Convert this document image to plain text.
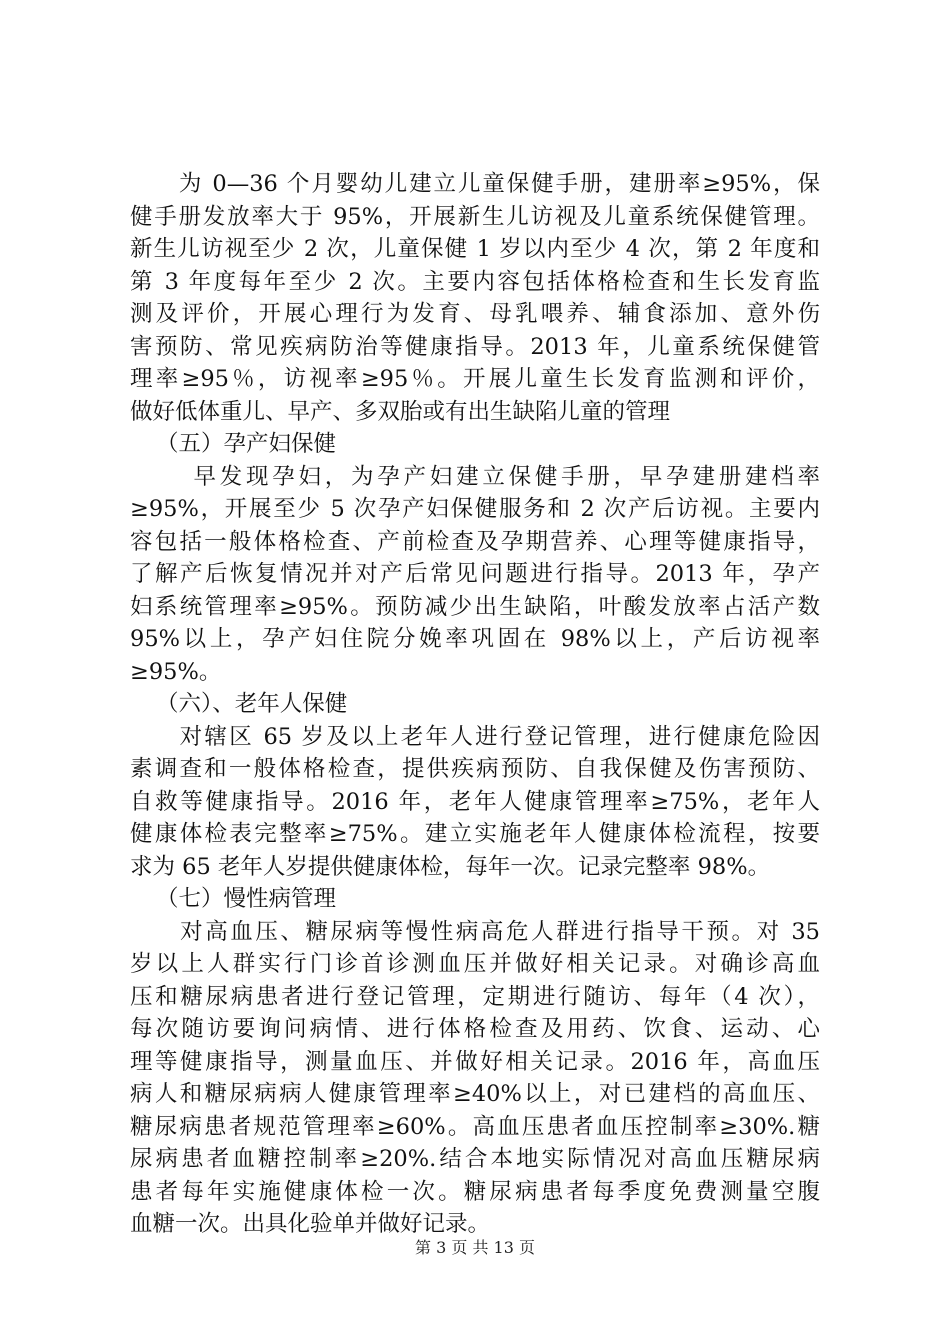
　　为 0—36 个月婴幼儿建立儿童保健手册，建册率≥95%，保
健手册发放率大于 95%，开展新生儿访视及儿童系统保健管理。
新生儿访视至少 2 次，儿童保健 1 岁以内至少 4 次，第 2 年度和
第 3 年度每年至少 2 次。主要内容包括体格检查和生长发育监
测及评价，开展心理行为发育、母乳喂养、辅食添加、意外伤
害预防、常见疾病防治等健康指导。2013 年，儿童系统保健管
理率≥95％，访视率≥95％。开展儿童生长发育监测和评价，
做好低体重儿、早产、多双胎或有出生缺陷儿童的管理
（五）孕产妇保健
　　 早发现孕妇，为孕产妇建立保健手册，早孕建册建档率
≥95%，开展至少 5 次孕产妇保健服务和 2 次产后访视。主要内
容包括一般体格检查、产前检查及孕期营养、心理等健康指导，
了解产后恢复情况并对产后常见问题进行指导。2013 年，孕产
妇系统管理率≥95%。预防减少出生缺陷，叶酸发放率占活产数
95%以上，孕产妇住院分娩率巩固在 98%以上，产后访视率
≥95%。
（六）、老年人保健
　　对辖区 65 岁及以上老年人进行登记管理，进行健康危险因
素调查和一般体格检查，提供疾病预防、自我保健及伤害预防、
自救等健康指导。2016 年，老年人健康管理率≥75%，老年人
健康体检表完整率≥75%。建立实施老年人健康体检流程，按要
求为 65 老年人岁提供健康体检，每年一次。记录完整率 98%。
（七）慢性病管理
　　对高血压、糖尿病等慢性病高危人群进行指导干预。对 35
岁以上人群实行门诊首诊测血压并做好相关记录。对确诊高血
压和糖尿病患者进行登记管理，定期进行随访、每年（4 次），
每次随访要询问病情、进行体格检查及用药、饮食、运动、心
理等健康指导，测量血压、并做好相关记录。2016 年，高血压
病人和糖尿病病人健康管理率≥40%以上，对已建档的高血压、
糖尿病患者规范管理率≥60%。高血压患者血压控制率≥30%.糖
尿病患者血糖控制率≥20%.结合本地实际情况对高血压糖尿病
患者每年实施健康体检一次。糖尿病患者每季度免费测量空腹
血糖一次。出具化验单并做好记录。
第 3 页 共 13 页
